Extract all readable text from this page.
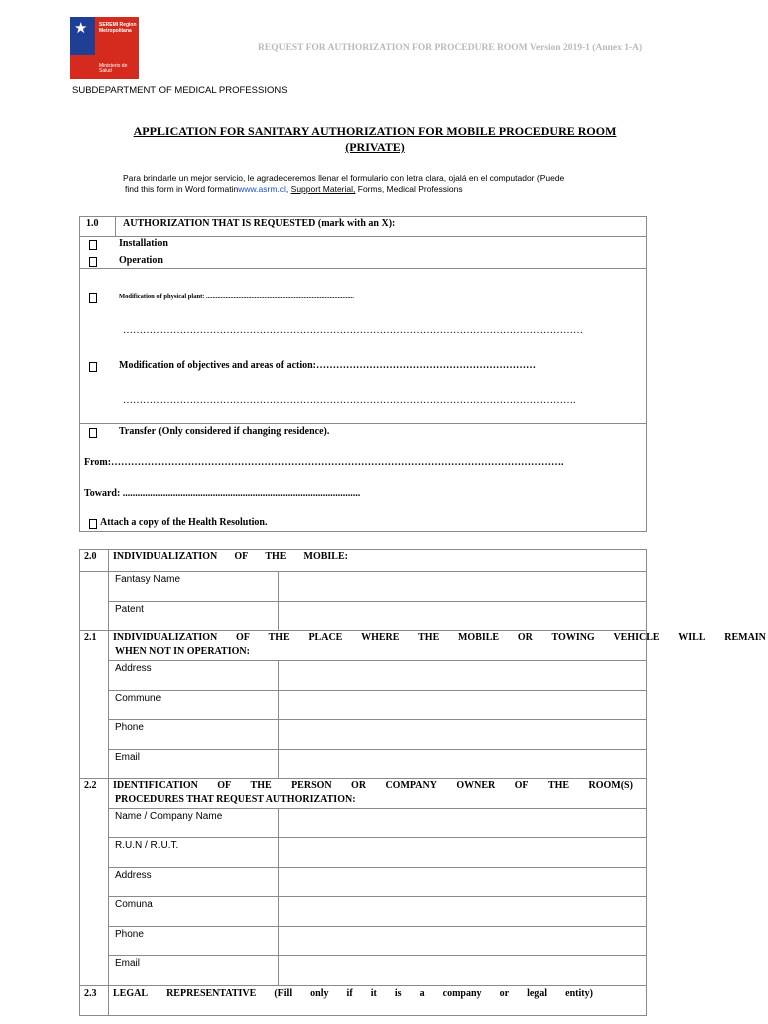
★ SEREMI Region Metropolitana
Ministerio de Salud
REQUEST FOR AUTHORIZATION FOR PROCEDURE ROOM Version 2019-1 (Annex 1-A)
SUBDEPARTMENT OF MEDICAL PROFESSIONS
APPLICATION FOR SANITARY AUTHORIZATION FOR MOBILE PROCEDURE ROOM
(PRIVATE)
Para brindarle un mejor servicio, le agradeceremos llenar el formulario con letra clara, ojalá en el computador (Puede
find this form in Word formatinwww.asrm.cl, Support Material, Forms, Medical Professions
1.0 AUTHORIZATION THAT IS REQUESTED (mark with an X):
Installation
Operation
Modification of physical plant: ...........................................................................................
…………………………………………………………………………………………………………………………
Modification of objectives and areas of action:…………………………………………………………
……………………………………………………………………………………………………………………….
Transfer (Only considered if changing residence).
From:……………………………………………………………………………………………………………………….
Toward: ...............................................................................................
Attach a copy of the Health Resolution.
2.0 INDIVIDUALIZATION OF THE MOBILE:
Fantasy Name
Patent
2.1 INDIVIDUALIZATION OF THE PLACE WHERE THE MOBILE OR TOWING VEHICLE WILL REMAIN
WHEN NOT IN OPERATION:
Address
Commune
Phone
Email
2.2 IDENTIFICATION OF THE PERSON OR COMPANY OWNER OF THE ROOM(S)
PROCEDURES THAT REQUEST AUTHORIZATION:
Name / Company Name
R.U.N / R.U.T.
Address
Comuna
Phone
Email
2.3 LEGAL REPRESENTATIVE (Fill only if it is a company or legal entity)
